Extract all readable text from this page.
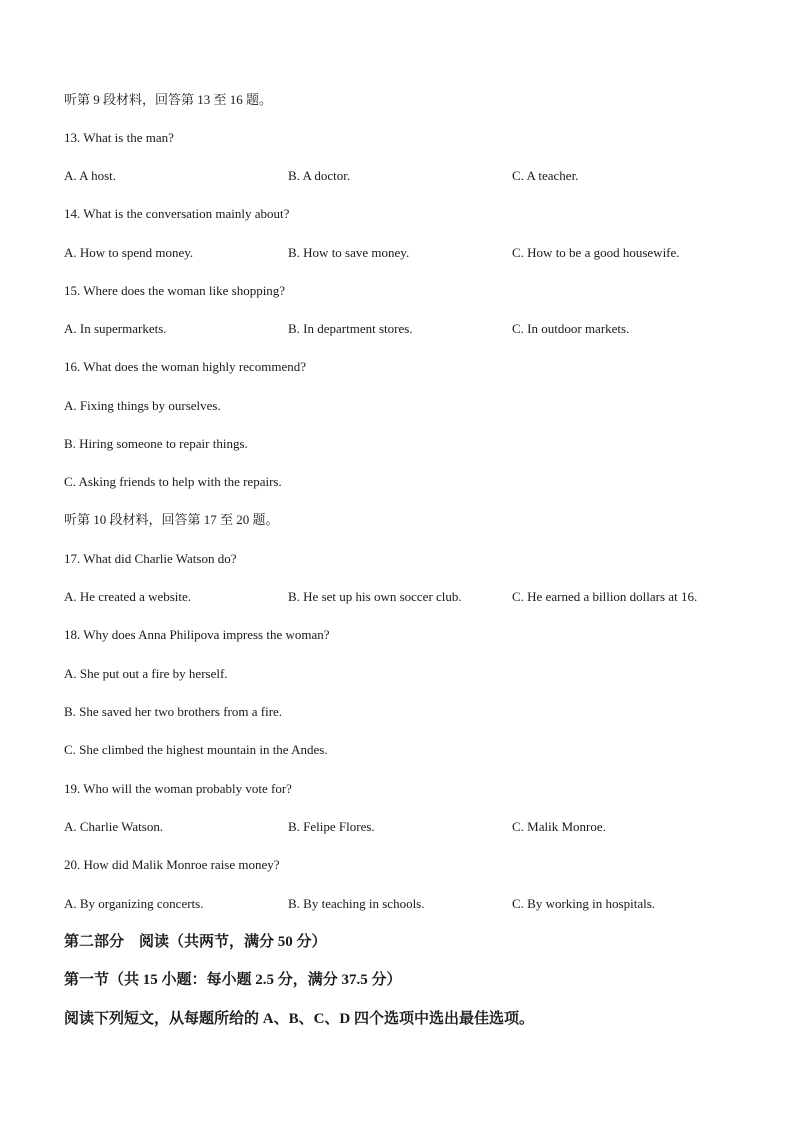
听第 9 段材料，回答第 13 至 16 题。
13. What is the man?
A. A host.	B. A doctor.	C. A teacher.
14. What is the conversation mainly about?
A. How to spend money.	B. How to save money.	C. How to be a good housewife.
15. Where does the woman like shopping?
A. In supermarkets.	B. In department stores.	C. In outdoor markets.
16. What does the woman highly recommend?
A. Fixing things by ourselves.
B. Hiring someone to repair things.
C. Asking friends to help with the repairs.
听第 10 段材料，回答第 17 至 20 题。
17. What did Charlie Watson do?
A. He created a website.	B. He set up his own soccer club.	C. He earned a billion dollars at 16.
18. Why does Anna Philipova impress the woman?
A. She put out a fire by herself.
B. She saved her two brothers from a fire.
C. She climbed the highest mountain in the Andes.
19. Who will the woman probably vote for?
A. Charlie Watson.	B. Felipe Flores.	C. Malik Monroe.
20. How did Malik Monroe raise money?
A. By organizing concerts.	B. By teaching in schools.	C. By working in hospitals.
第二部分　阅读（共两节，满分 50 分）
第一节（共 15 小题：每小题 2.5 分，满分 37.5 分）
阅读下列短文，从每题所给的 A、B、C、D 四个选项中选出最佳选项。
